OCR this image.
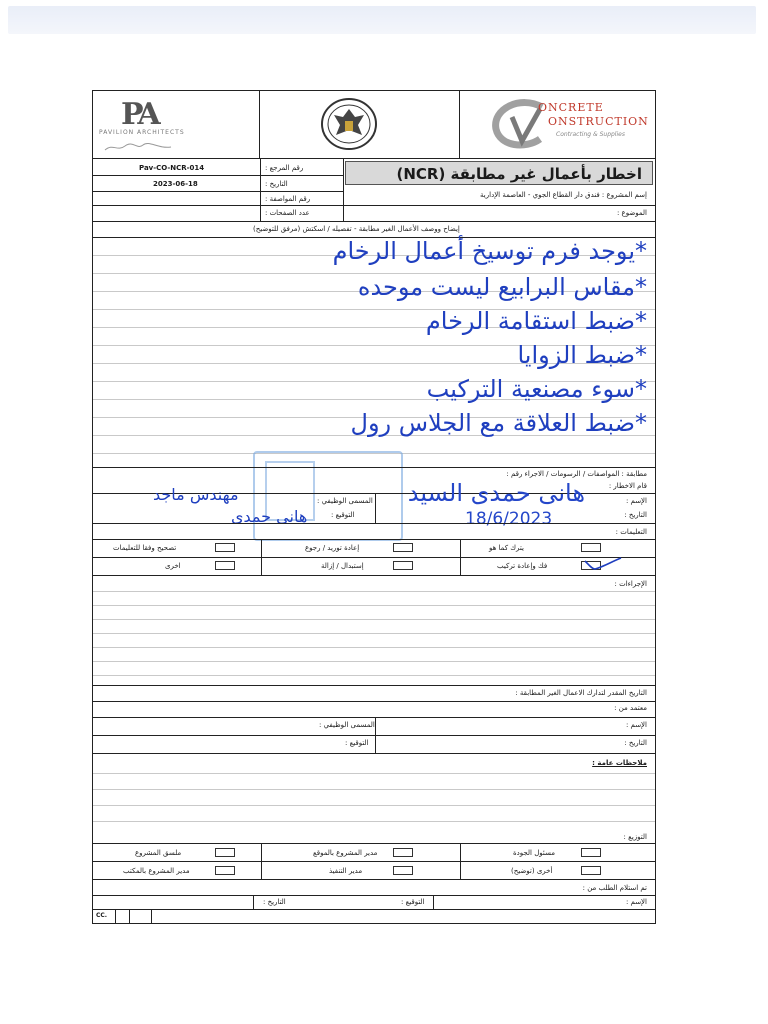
PA
PAVILION ARCHITECTS
ONCRETE
ONSTRUCTION
Contracting & Supplies
Pav-CO-NCR-014	رقم المرجع :
2023-06-18	التاريخ :
رقم المواصفة :
عدد الصفحات :
اخطار بأعمال غير مطابقة (NCR)
إسم المشروع : فندق دار القطاع الجوي - العاصمة الإدارية
الموضوع :
إيضاح ووصف الأعمال الغير مطابقة - تفصيله / اسكتش (مرفق للتوضيح)
*يوجد فرم توسيخ أعمال الرخام
*مقاس البرابيع ليست موحده
*ضبط استقامة الرخام
*ضبط الزوايا
*سوء مصنعية التركيب
*ضبط العلاقة مع الجلاس رول
مطابقة : المواصفات / الرسومات / الاجراء رقم :
قام الاخطار :
الإسم :
التاريخ :
المسمى الوظيفي :
التوقيع :
هانى حمدى السيد
18/6/2023
مهندس ماجد
هانى حمدى
التعليمات :
يترك كما هو
إعادة توريد / رجوع
تصحيح وفقا للتعليمات
فك وإعادة تركيب
إستبدال / إزالة
اخرى
الإجراءات :
التاريخ المقدر لتدارك الاعمال الغير المطابقة :
معتمد من :
الإسم :
التاريخ :
المسمى الوظيفي :
التوقيع :
ملاحظات عامة :
التوزيع :
مسئول الجودة
مدير المشروع بالموقع
ملسق المشروع
أخرى (توضيح)
مدير التنفيذ
مدير المشروع بالمكتب
تم استلام الطلب من :
الإسم :
التوقيع :
التاريخ :
CC.
